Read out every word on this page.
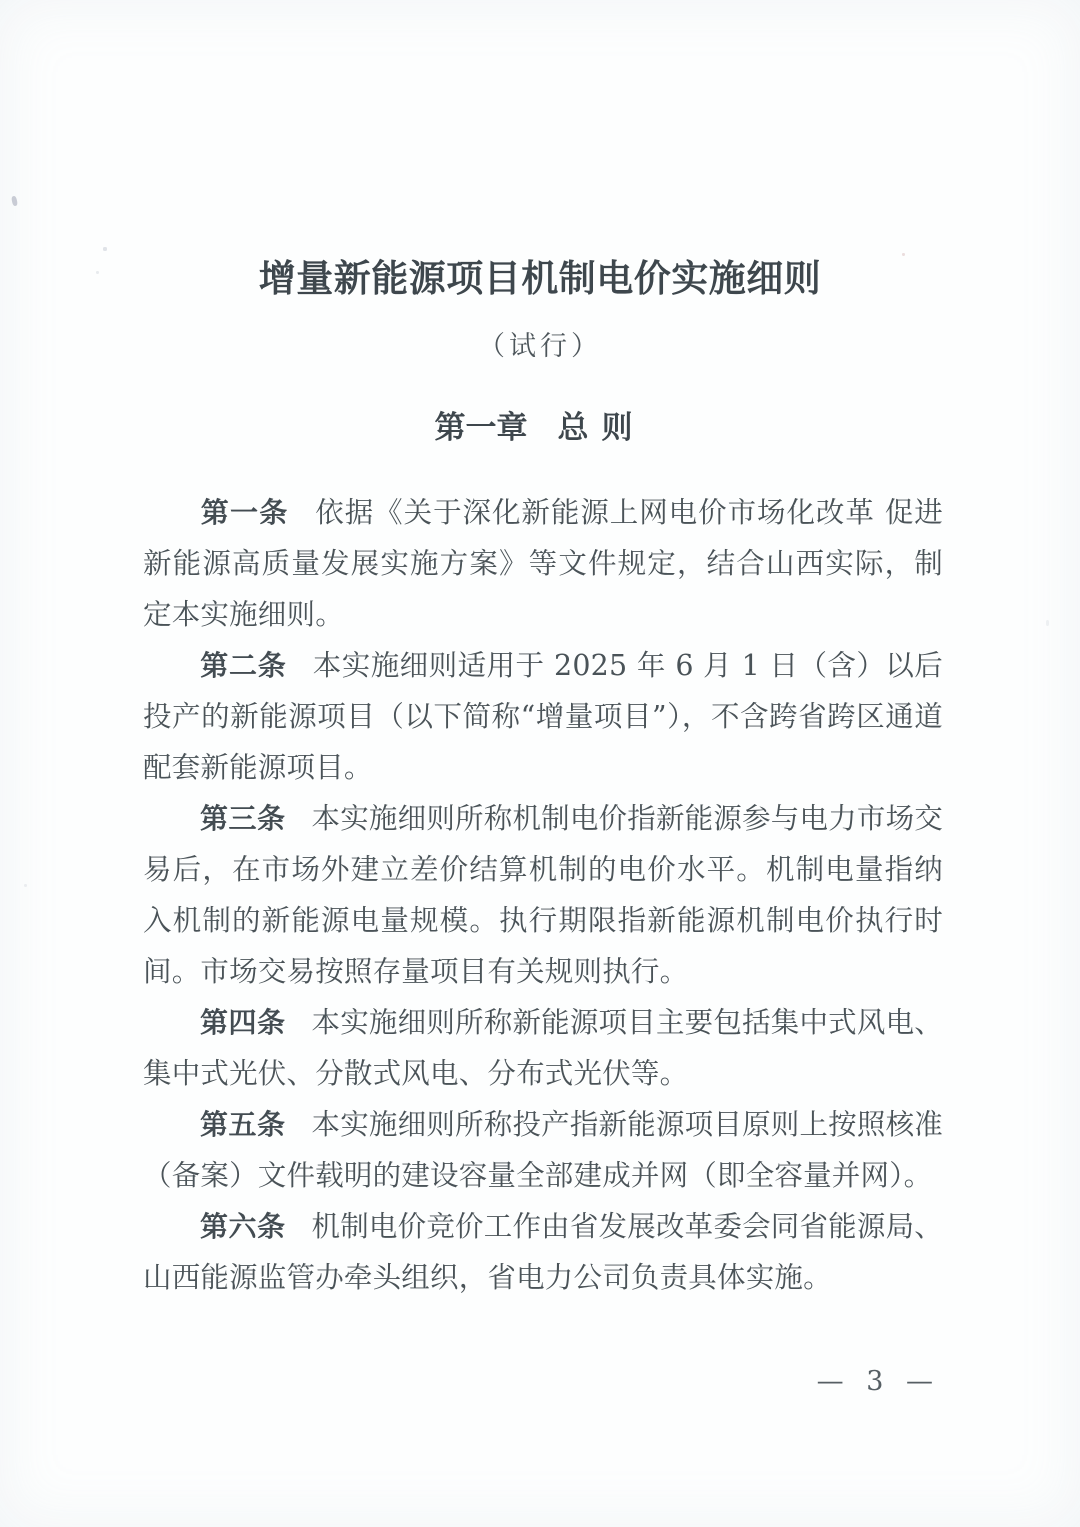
增量新能源项目机制电价实施细则
（试行）
第一章 总则

第一条 依据《关于深化新能源上网电价市场化改革 促进新能源高质量发展实施方案》等文件规定，结合山西实际，制定本实施细则。

第二条 本实施细则适用于 2025 年 6 月 1 日（含）以后投产的新能源项目（以下简称“增量项目”），不含跨省跨区通道配套新能源项目。

第三条 本实施细则所称机制电价指新能源参与电力市场交易后，在市场外建立差价结算机制的电价水平。机制电量指纳入机制的新能源电量规模。执行期限指新能源机制电价执行时间。市场交易按照存量项目有关规则执行。

第四条 本实施细则所称新能源项目主要包括集中式风电、集中式光伏、分散式风电、分布式光伏等。

第五条 本实施细则所称投产指新能源项目原则上按照核准（备案）文件载明的建设容量全部建成并网（即全容量并网）。

第六条 机制电价竞价工作由省发展改革委会同省能源局、山西能源监管办牵头组织，省电力公司负责具体实施。

— 3 —
